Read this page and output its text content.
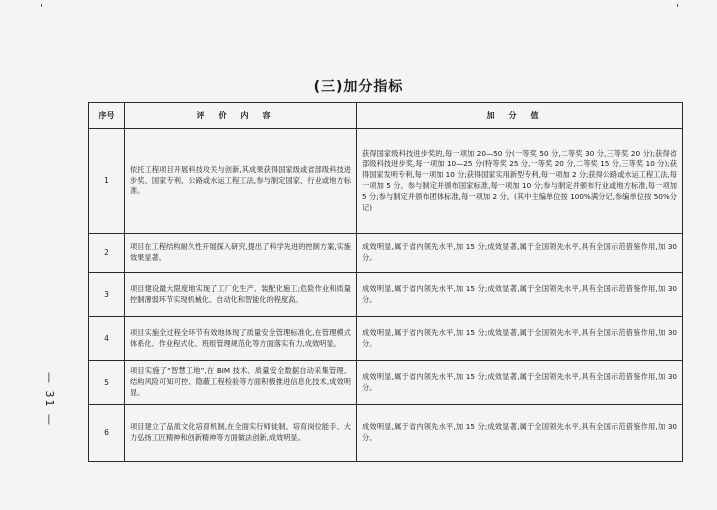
'	'
(三)加分指标
— 31 —
序号	评价内容	加分值
1	依托工程项目开展科技攻关与创新,其成果获得国家级或省部级科技进步奖、国家专利、公路或水运工程工法,参与制定国家、行业或地方标准。	获得国家级科技进步奖的,每一项加 20—50 分(一等奖 50 分,二等奖 30 分,三等奖 20 分);获得省部级科技进步奖,每一项加 10—25 分(特等奖 25 分,一等奖 20 分,二等奖 15 分,三等奖 10 分);获得国家发明专利,每一项加 10 分;获得国家实用新型专利,每一项加 2 分;获得公路或水运工程工法,每一项加 5 分。参与制定并颁布国家标准,每一项加 10 分;参与制定并颁布行业或地方标准,每一项加 5 分;参与制定并颁布团体标准,每一项加 2 分。(其中主编单位按 100%满分记,参编单位按 50%分记)
2	项目在工程结构耐久性开展探入研究,提出了科学先进的控制方案,实施效果显著。	成效明显,属于省内领先水平,加 15 分;成效显著,属于全国领先水平,具有全国示范借鉴作用,加 30 分。
3	项目建设最大限度地实现了工厂化生产、装配化施工;危险作业和质量控制薄弱环节实现机械化、自动化和智能化的程度高。	成效明显,属于省内领先水平,加 15 分;成效显著,属于全国领先水平,具有全国示范借鉴作用,加 30 分。
4	项目实施全过程全环节有效地体现了质量安全管理标准化,在管理模式体系化、作业程式化、班组管理规范化等方面落实有力,成效明显。	成效明显,属于省内领先水平,加 15 分;成效显著,属于全国领先水平,具有全国示范借鉴作用,加 30 分。
5	项目实施了“智慧工地”,在 BIM 技术、质量安全数据自动采集管理、结构风险可知可控、隐蔽工程检验等方面积极推进信息化技术,成效明显。	成效明显,属于省内领先水平,加 15 分;成效显著,属于全国领先水平,具有全国示范借鉴作用,加 30 分。
6	项目建立了品质文化培育机制,在全面实行师徒制、培育岗位能手、大力弘扬工匠精神和创新精神等方面做法创新,成效明显。	成效明显,属于省内领先水平,加 15 分;成效显著,属于全国领先水平,具有全国示范借鉴作用,加 30 分。
